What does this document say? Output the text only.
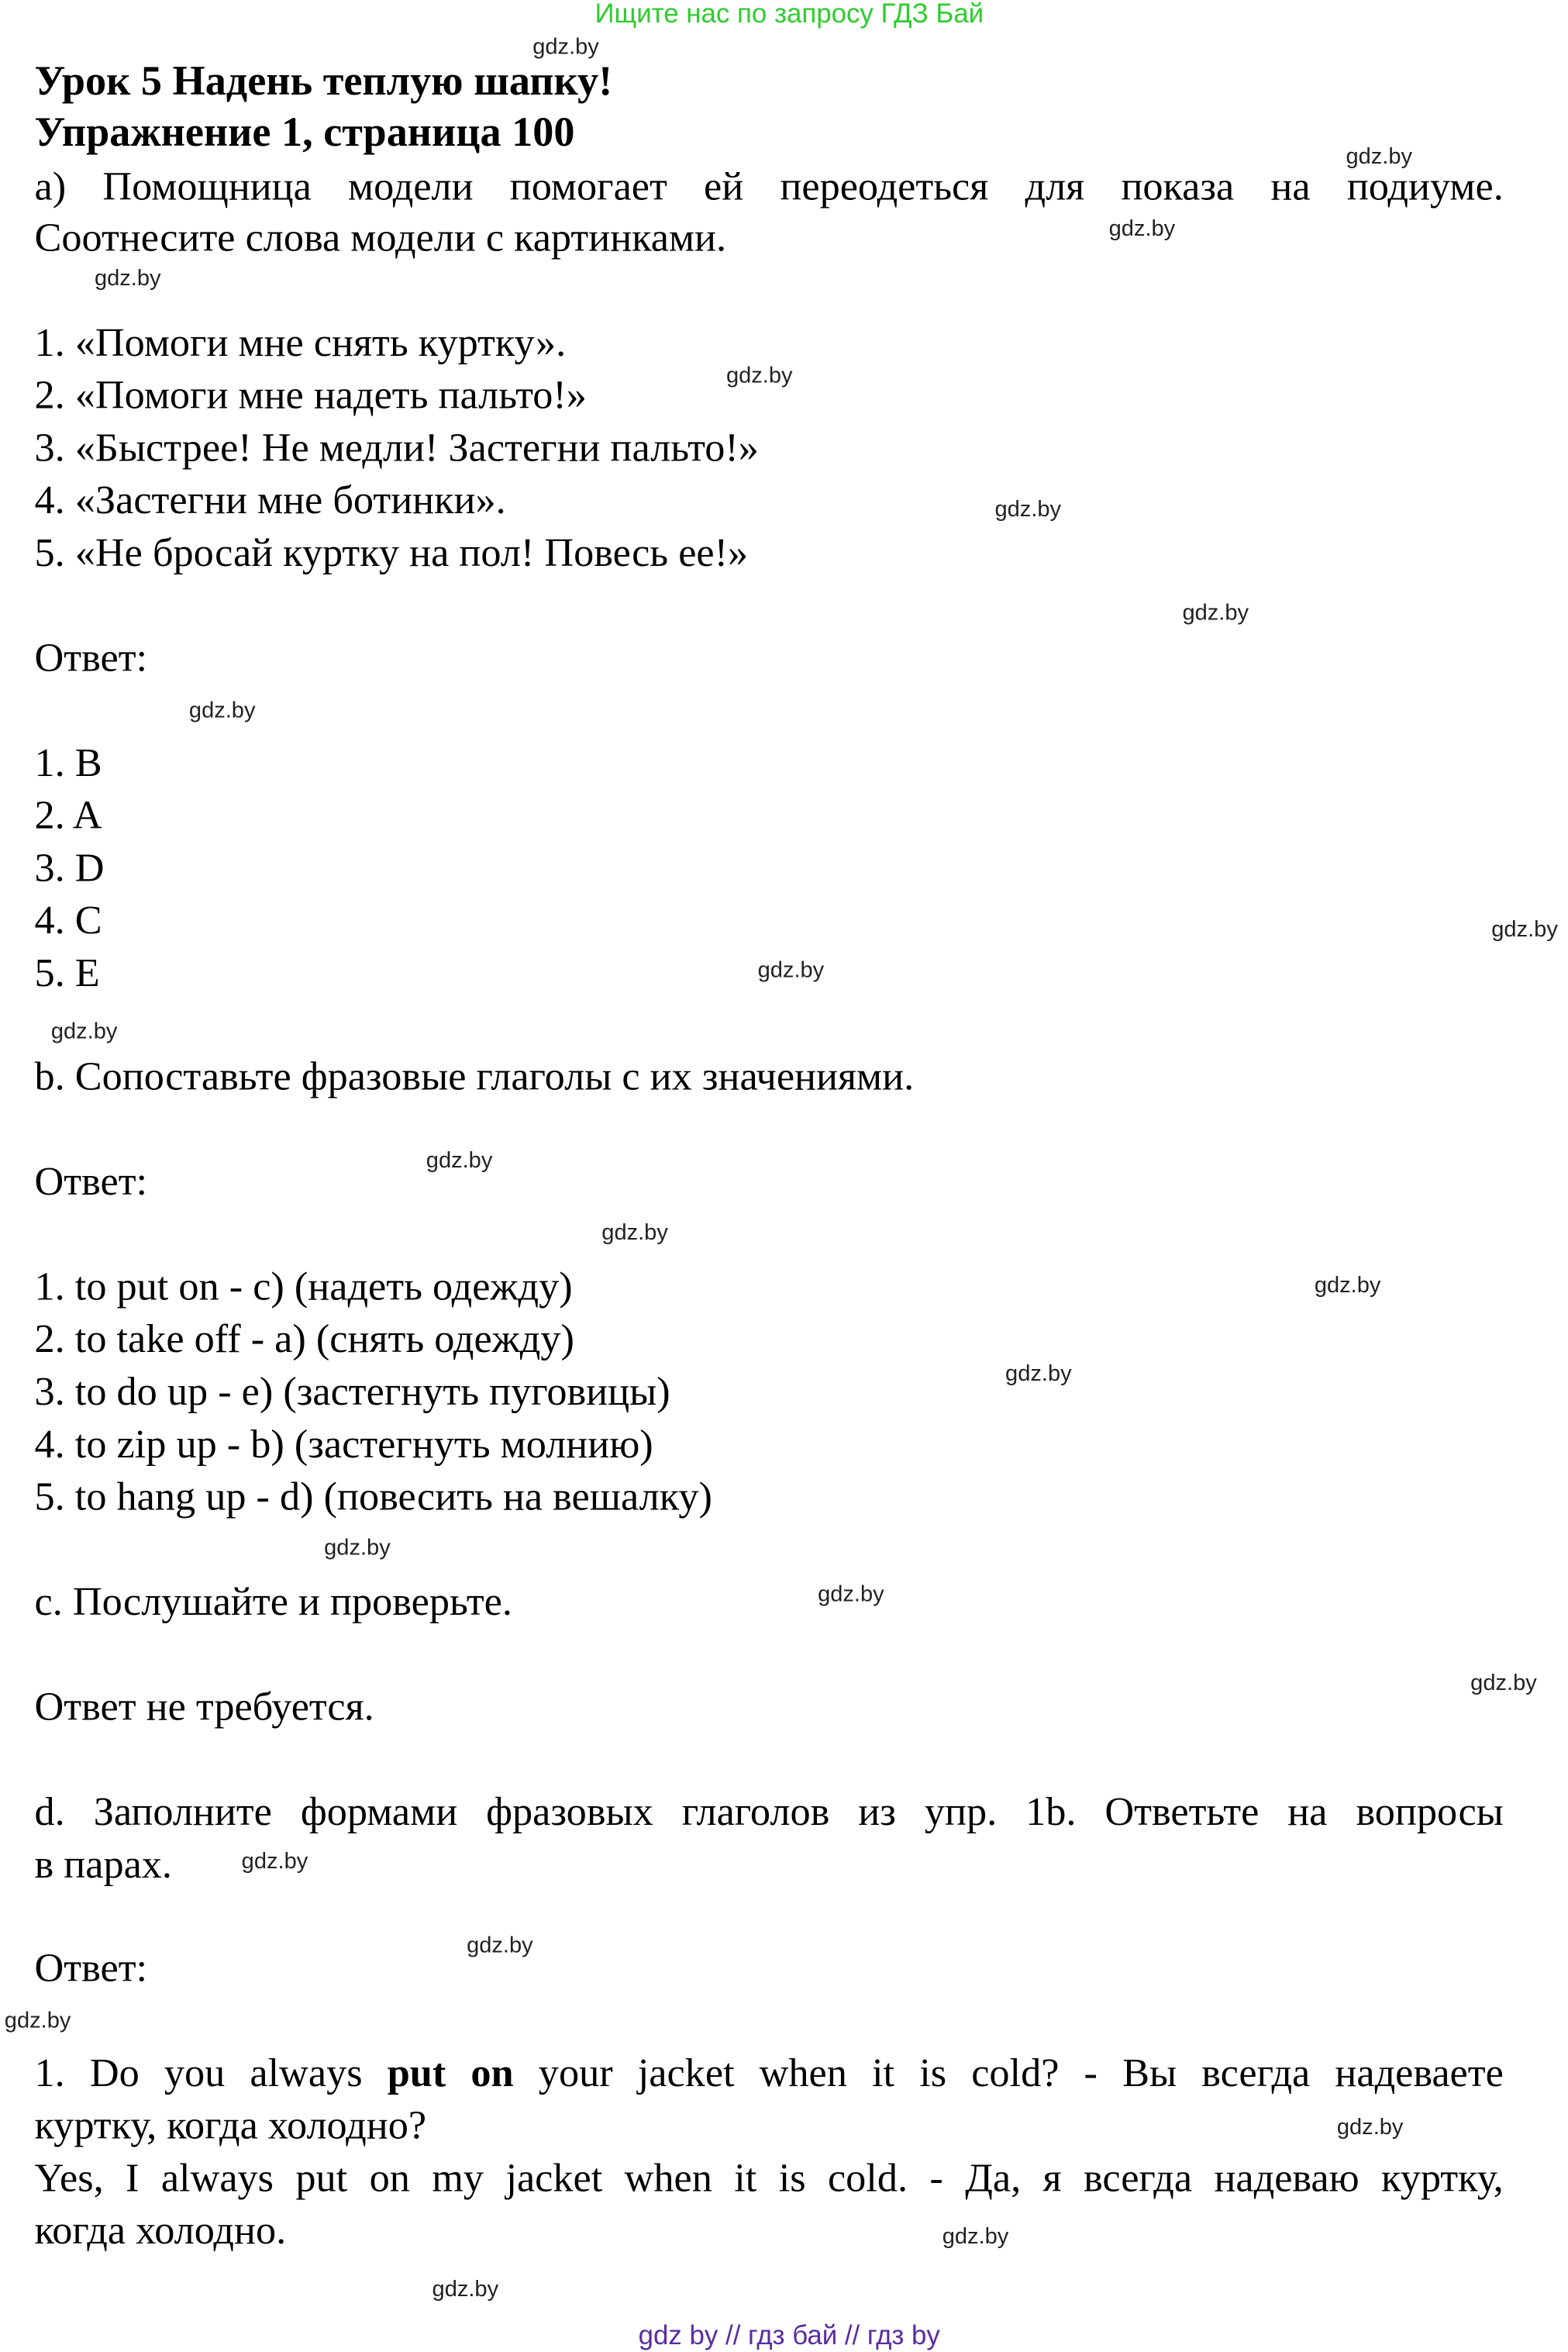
Ищите нас по запросу ГДЗ Бай
Урок 5 Надень теплую шапку!
Упражнение 1, страница 100
а) Помощница модели помогает ей переодеться для показа на подиуме.
Соотнесите слова модели с картинками.
1. «Помоги мне снять куртку».
2. «Помоги мне надеть пальто!»
3. «Быстрее! Не медли! Застегни пальто!»
4. «Застегни мне ботинки».
5. «Не бросай куртку на пол! Повесь ее!»
Ответ:
1. B
2. A
3. D
4. C
5. E
b. Сопоставьте фразовые глаголы с их значениями.
Ответ:
1. to put on - c) (надеть одежду)
2. to take off - a) (снять одежду)
3. to do up - e) (застегнуть пуговицы)
4. to zip up - b) (застегнуть молнию)
5. to hang up - d) (повесить на вешалку)
c. Послушайте и проверьте.
Ответ не требуется.
d. Заполните формами фразовых глаголов из упр. 1b. Ответьте на вопросы
в парах.
Ответ:
1. Do you always put on your jacket when it is cold? - Вы всегда надеваете
куртку, когда холодно?
Yes, I always put on my jacket when it is cold. - Да, я всегда надеваю куртку,
когда холодно.
gdz by // гдз бай // гдз by
gdz.by
gdz.by
gdz.by
gdz.by
gdz.by
gdz.by
gdz.by
gdz.by
gdz.by
gdz.by
gdz.by
gdz.by
gdz.by
gdz.by
gdz.by
gdz.by
gdz.by
gdz.by
gdz.by
gdz.by
gdz.by
gdz.by
gdz.by
gdz.by
